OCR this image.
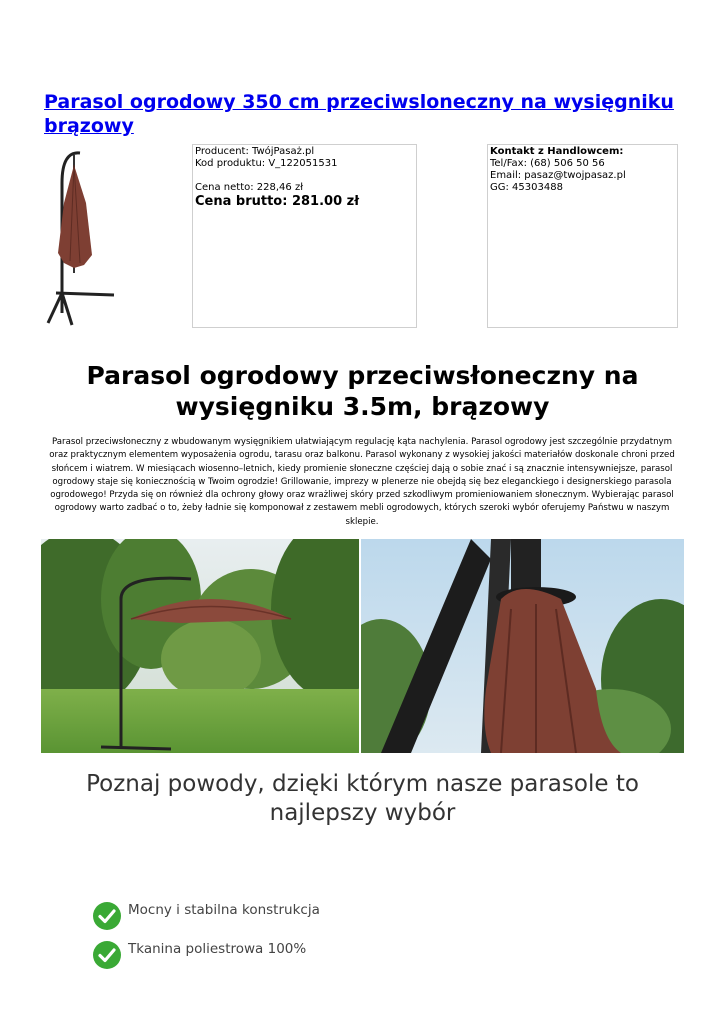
Parasol ogrodowy 350 cm przeciwsloneczny na wysięgniku brązowy
Producent: TwójPasaż.pl
Kod produktu: V_122051531
Cena netto: 228,46 zł
Cena brutto: 281.00 zł
Kontakt z Handlowcem:
Tel/Fax: (68) 506 50 56
Email: pasaz@twojpasaz.pl
GG: 45303488
Parasol ogrodowy przeciwsłoneczny na wysięgniku 3.5m, brązowy
Parasol przeciwsłoneczny z wbudowanym wysięgnikiem ułatwiającym regulację kąta nachylenia. Parasol ogrodowy jest szczególnie przydatnym oraz praktycznym elementem wyposażenia ogrodu, tarasu oraz balkonu. Parasol wykonany z wysokiej jakości materiałów doskonale chroni przed słońcem i wiatrem. W miesiącach wiosenno–letnich, kiedy promienie słoneczne częściej dają o sobie znać i są znacznie intensywniejsze, parasol ogrodowy staje się koniecznością w Twoim ogrodzie! Grillowanie, imprezy w plenerze nie obejdą się bez eleganckiego i designerskiego parasola ogrodowego! Przyda się on również dla ochrony głowy oraz wrażliwej skóry przed szkodliwym promieniowaniem słonecznym. Wybierając parasol ogrodowy warto zadbać o to, żeby ładnie się komponował z zestawem mebli ogrodowych, których szeroki wybór oferujemy Państwu w naszym sklepie.
Poznaj powody, dzięki którym nasze parasole to najlepszy wybór
Mocny i stabilna konstrukcja
Tkanina poliestrowa 100%
